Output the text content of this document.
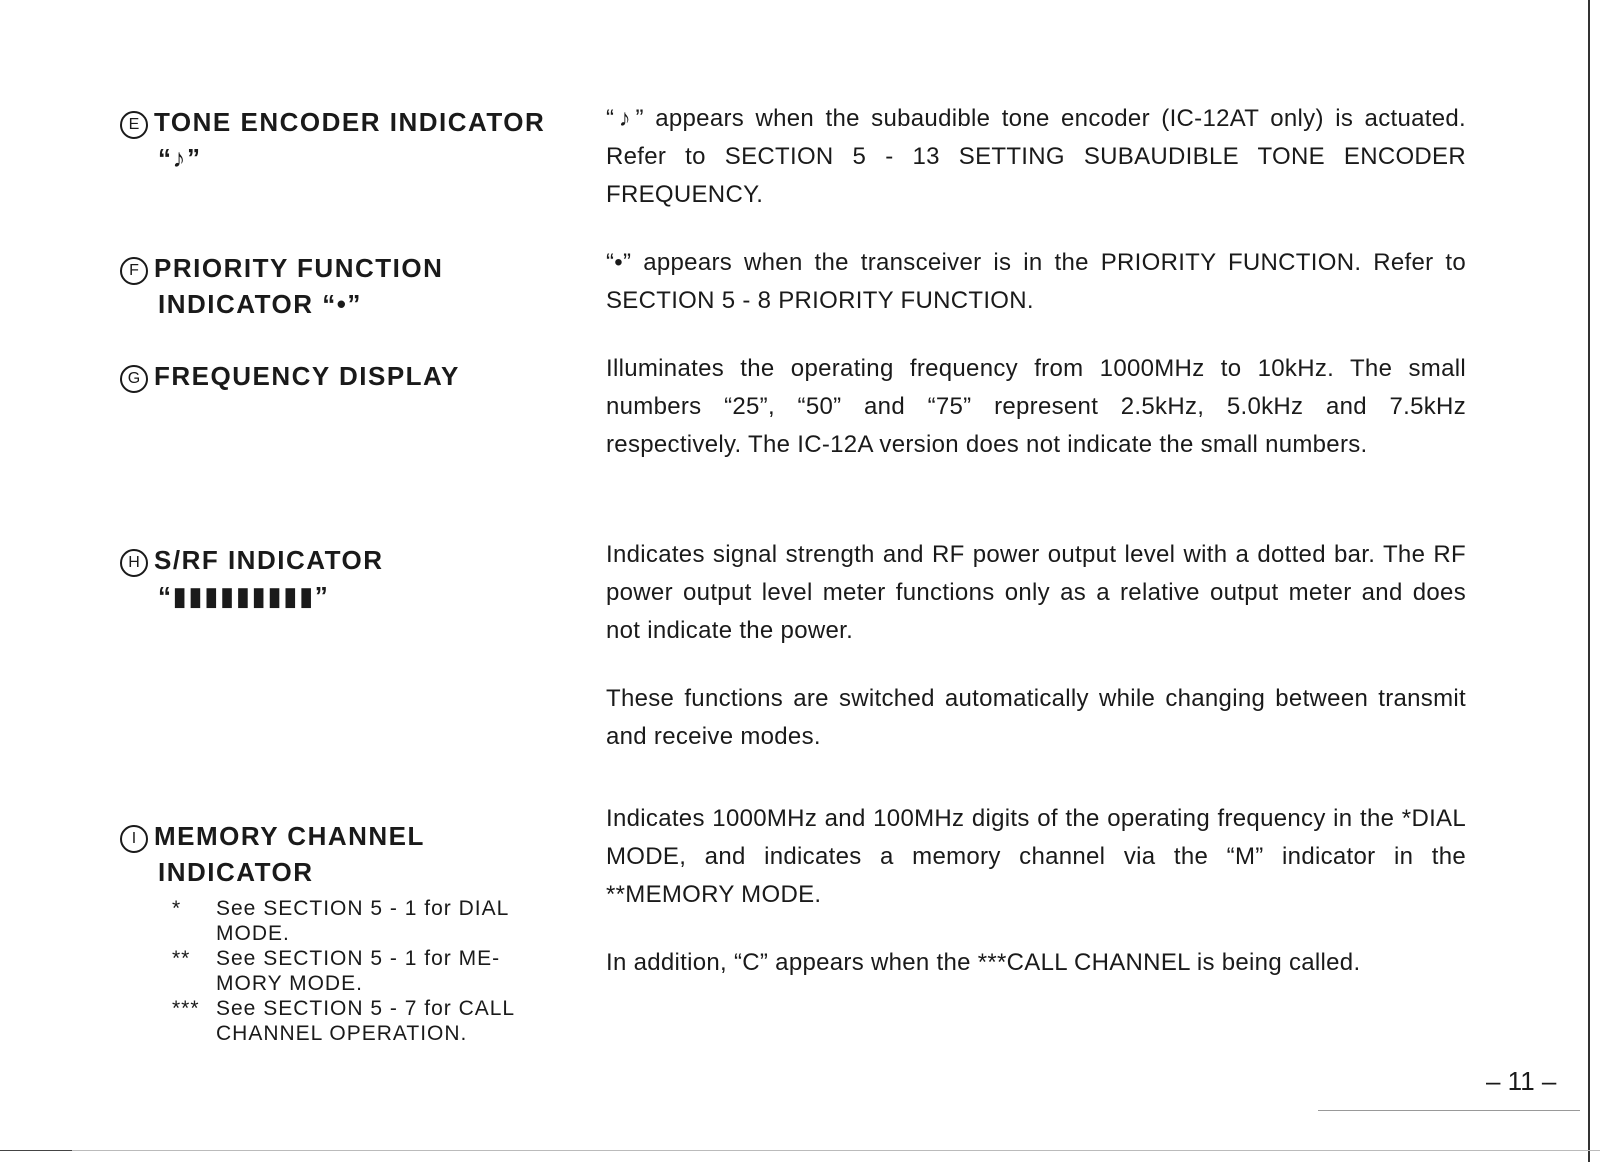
E TONE ENCODER INDICATOR
“♪”
“♪” appears when the subaudible tone encoder (IC-12AT only) is actuated. Refer to SECTION 5 - 13 SETTING SUBAUDIBLE TONE ENCODER FREQUENCY.
F PRIORITY FUNCTION
INDICATOR “•”
“•” appears when the transceiver is in the PRIORITY FUNCTION. Refer to SECTION 5 - 8 PRIORITY FUNCTION.
G FREQUENCY DISPLAY	Illuminates the operating frequency from 1000MHz to 10kHz. The small numbers “25”, “50” and “75” represent 2.5kHz, 5.0kHz and 7.5kHz respectively. The IC-12A version does not indicate the small numbers.
H S/RF INDICATOR
“▮▮▮▮▮▮▮▮▮”
Indicates signal strength and RF power output level with a dotted bar. The RF power output level meter functions only as a relative output meter and does not indicate the power.
These functions are switched automatically while changing between transmit and receive modes.
I MEMORY CHANNEL
INDICATOR
*	See SECTION 5 - 1 for DIAL MODE.
**	See SECTION 5 - 1 for ME-MORY MODE.
*** See SECTION 5 - 7 for CALL CHANNEL OPERATION.
Indicates 1000MHz and 100MHz digits of the operating frequency in the *DIAL MODE, and indicates a memory channel via the “M” indicator in the **MEMORY MODE.
In addition, “C” appears when the ***CALL CHANNEL is being called.
– 11 –
